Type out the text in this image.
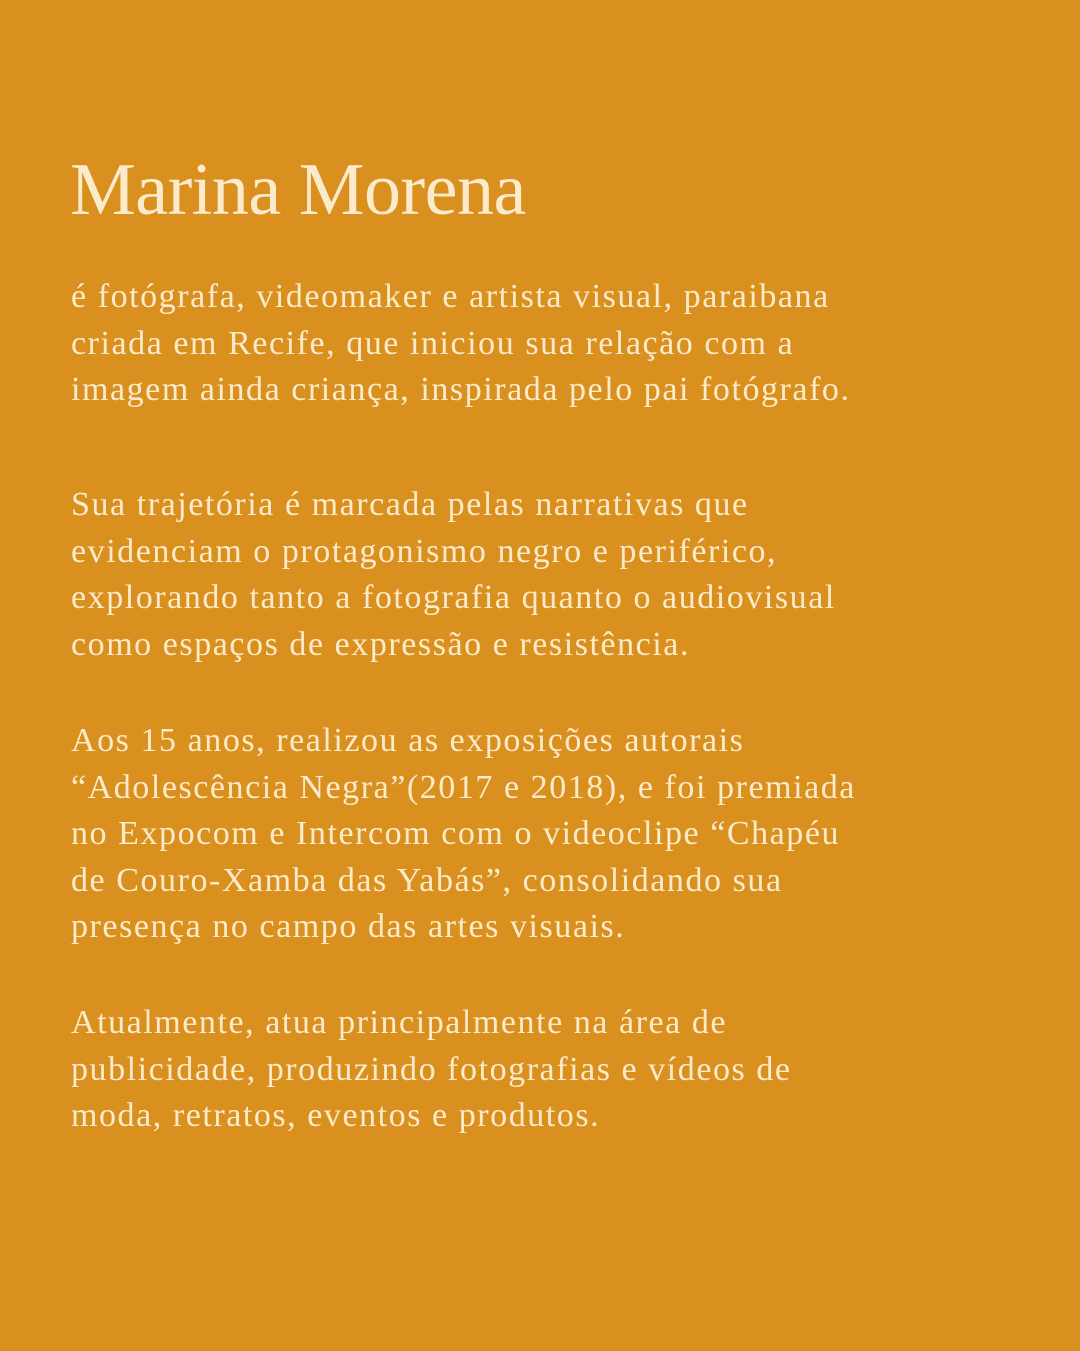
Marina Morena

é fotógrafa, videomaker e artista visual, paraibana
criada em Recife, que iniciou sua relação com a
imagem ainda criança, inspirada pelo pai fotógrafo.

Sua trajetória é marcada pelas narrativas que
evidenciam o protagonismo negro e periférico,
explorando tanto a fotografia quanto o audiovisual
como espaços de expressão e resistência.

Aos 15 anos, realizou as exposições autorais
“Adolescência Negra”(2017 e 2018), e foi premiada
no Expocom e Intercom com o videoclipe “Chapéu
de Couro-Xamba das Yabás”, consolidando sua
presença no campo das artes visuais.

Atualmente, atua principalmente na área de
publicidade, produzindo fotografias e vídeos de
moda, retratos, eventos e produtos.
